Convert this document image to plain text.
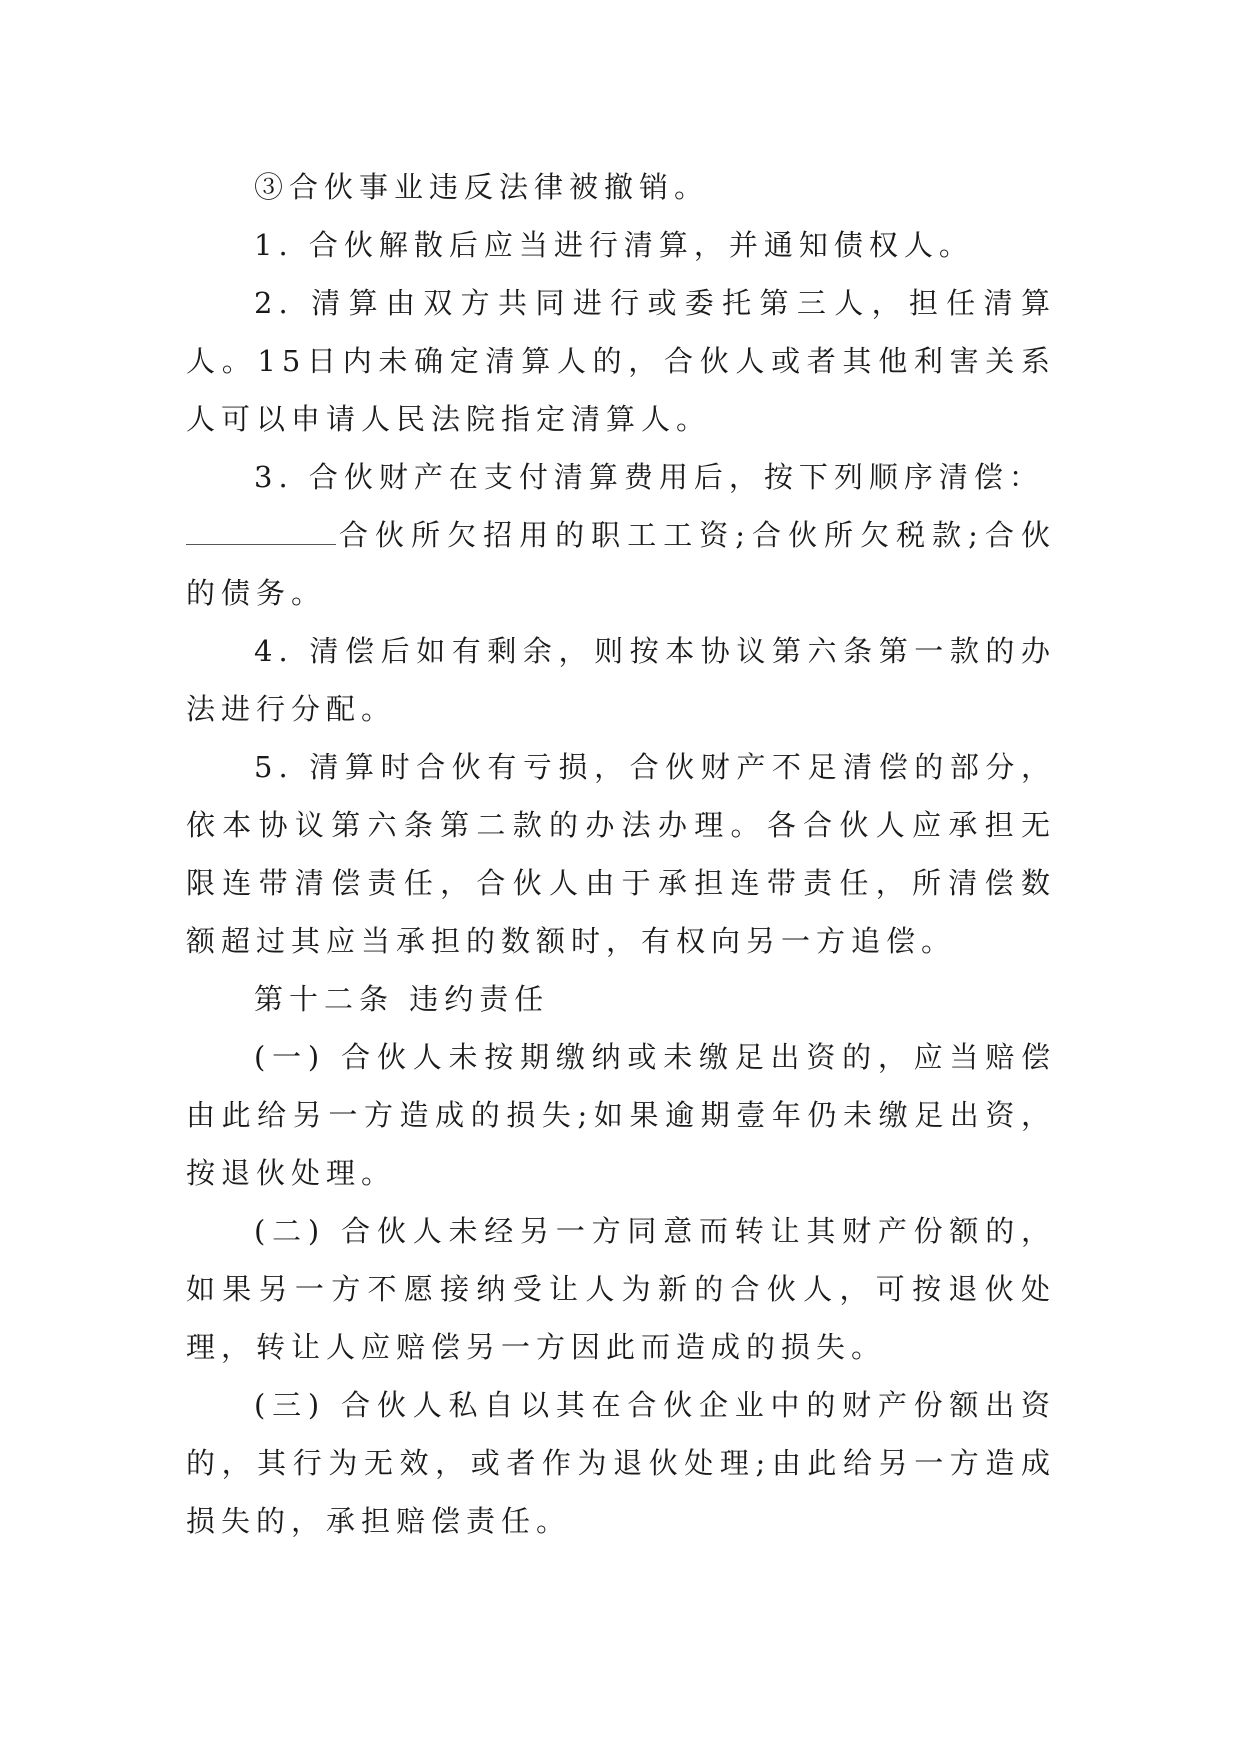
③合伙事业违反法律被撤销。

1. 合伙解散后应当进行清算，并通知债权人。

2. 清算由双方共同进行或委托第三人，担任清算人。15日内未确定清算人的，合伙人或者其他利害关系人可以申请人民法院指定清算人。

3. 合伙财产在支付清算费用后，按下列顺序清偿：

合伙所欠招用的职工工资;合伙所欠税款;合伙的债务。

4. 清偿后如有剩余，则按本协议第六条第一款的办法进行分配。

5. 清算时合伙有亏损，合伙财产不足清偿的部分，依本协议第六条第二款的办法办理。各合伙人应承担无限连带清偿责任，合伙人由于承担连带责任，所清偿数额超过其应当承担的数额时，有权向另一方追偿。

第十二条 违约责任

(一) 合伙人未按期缴纳或未缴足出资的，应当赔偿由此给另一方造成的损失;如果逾期壹年仍未缴足出资，按退伙处理。

(二) 合伙人未经另一方同意而转让其财产份额的，如果另一方不愿接纳受让人为新的合伙人，可按退伙处理，转让人应赔偿另一方因此而造成的损失。

(三) 合伙人私自以其在合伙企业中的财产份额出资的，其行为无效，或者作为退伙处理;由此给另一方造成损失的，承担赔偿责任。
